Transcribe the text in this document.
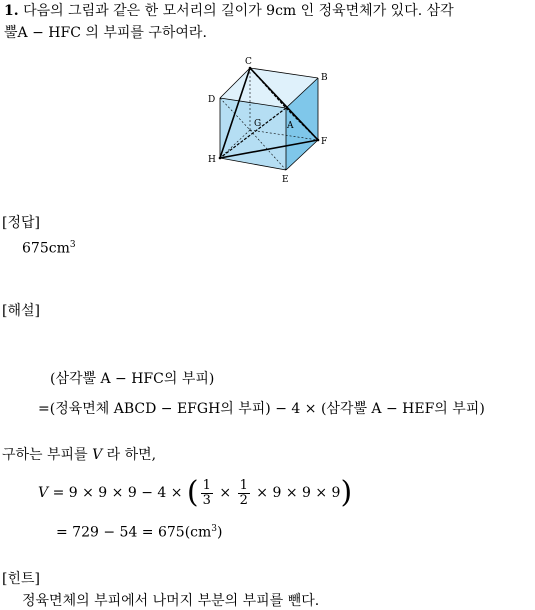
1. 다음의 그림과 같은 한 모서리의 길이가 9cm 인 정육면체가 있다. 삼각
뿔A − HFC 의 부피를 구하여라.
C
B
D
G	A
F
H
E
[정답]
$675cm^3$
[해설]
(삼각뿔 A − HFC의 부피)
=(정육면체 ABCD − EFGH의 부피) − 4 × (삼각뿔 A − HEF의 부피)
구하는 부피를 V 라 하면,
V = 9 × 9 × 9 − 4 × ( $\frac{1}{3} \times \frac{1}{2} \times 9 \times 9 \times 9$)
= $729 - 54 = 675(cm^3)$
[힌트]
정육면체의 부피에서 나머지 부분의 부피를 뺀다.
